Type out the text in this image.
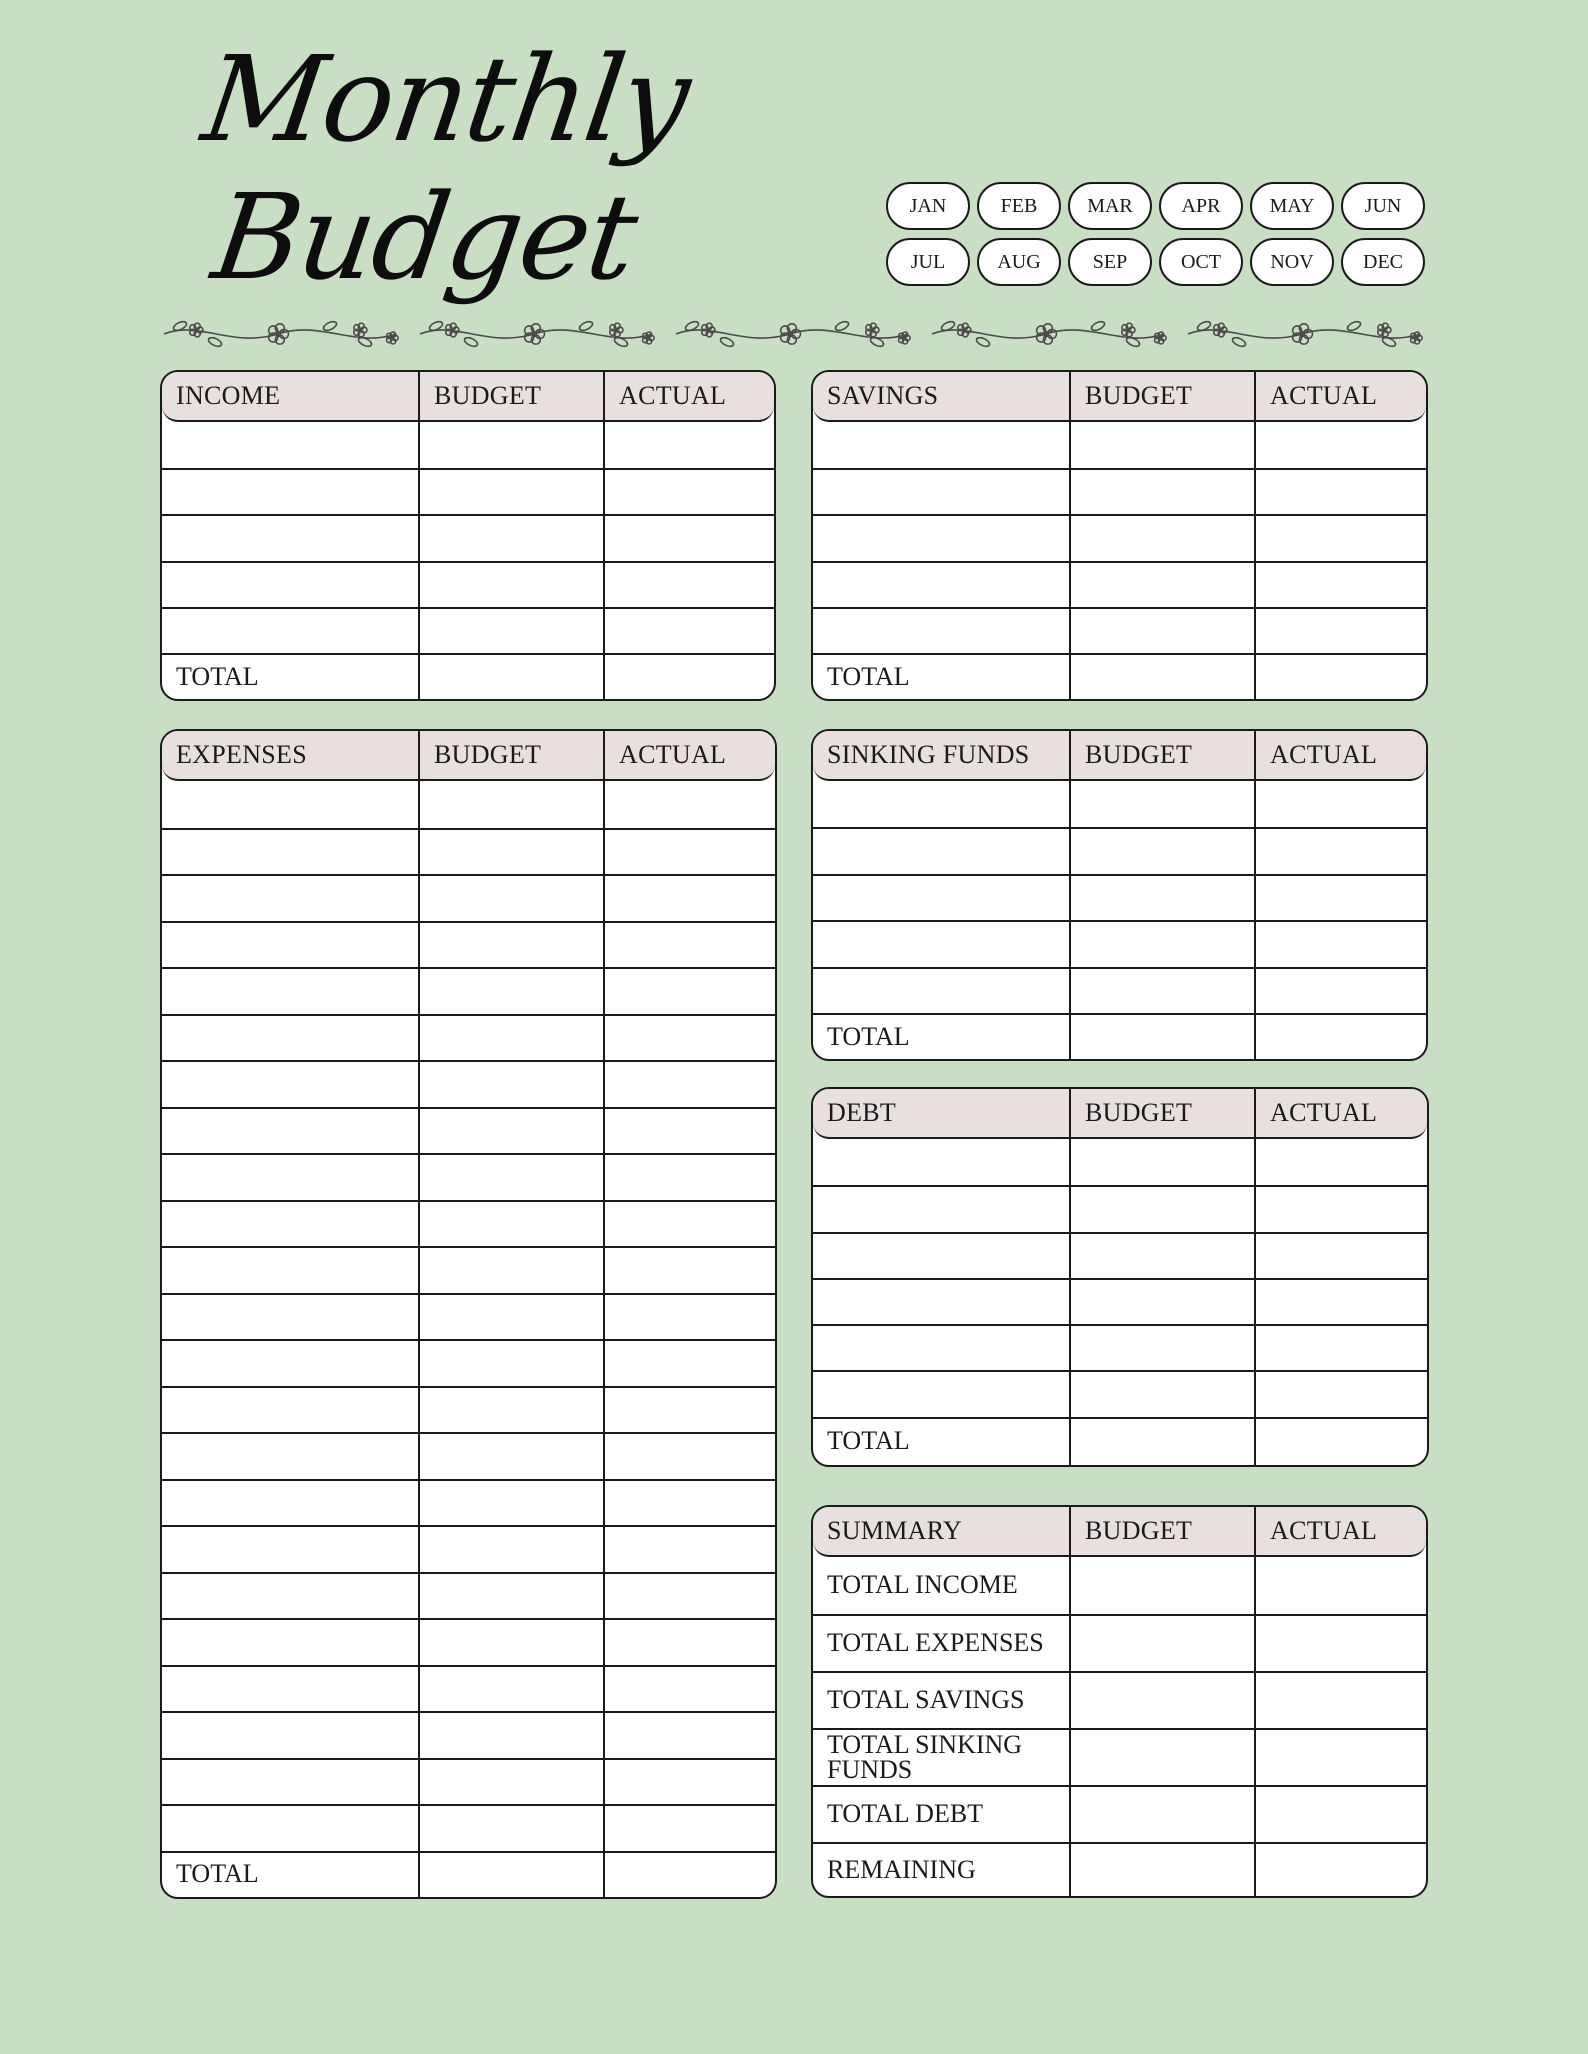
Monthly
Budget	JAN	FEB	MAR	APR	MAY	JUN
JUL	AUG	SEP	OCT	NOV	DEC
INCOME	BUDGET	ACTUAL
TOTAL
SAVINGS	BUDGET	ACTUAL
TOTAL
EXPENSES	BUDGET	ACTUAL
TOTAL
SINKING FUNDS	BUDGET	ACTUAL
TOTAL
DEBT	BUDGET	ACTUAL
TOTAL
SUMMARY	BUDGET	ACTUAL
TOTAL INCOME
TOTAL EXPENSES
TOTAL SAVINGS
TOTAL SINKING FUNDS
TOTAL DEBT
REMAINING
